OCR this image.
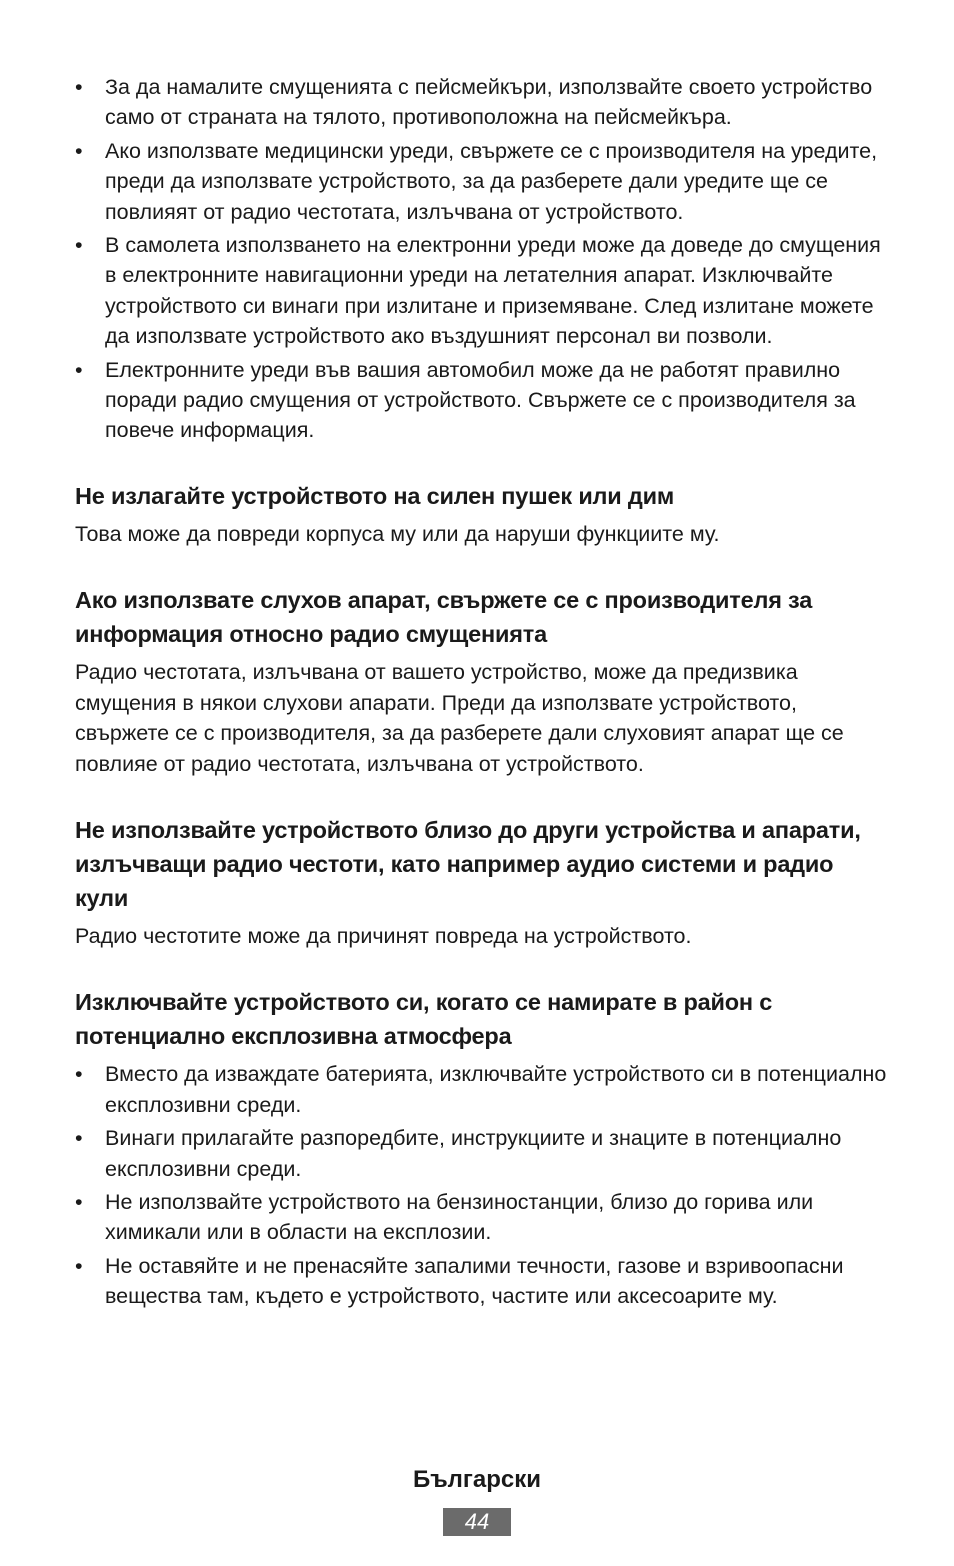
•	За да намалите смущенията с пейсмейкъри, използвайте своето устройство само от страната на тялото, противоположна на пейсмейкъра.
•	Ако използвате медицински уреди, свържете се с производителя на уредите, преди да използвате устройството, за да разберете дали уредите ще се повлияят от радио честотата, излъчвана от устройството.
•	В самолета използването на електронни уреди може да доведе до смущения в електронните навигационни уреди на летателния апарат. Изключвайте устройството си винаги при излитане и приземяване. След излитане можете да използвате устройството ако въздушният персонал ви позволи.
•	Електронните уреди във вашия автомобил може да не работят правилно поради радио смущения от устройството. Свържете се с производителя за повече информация.
Не излагайте устройството на силен пушек или дим

Това може да повреди корпуса му или да наруши функциите му.

Ако използвате слухов апарат, свържете се с производителя за информация относно радио смущенията

Радио честотата, излъчвана от вашето устройство, може да предизвика смущения в някои слухови апарати. Преди да използвате устройството, свържете се с производителя, за да разберете дали слуховият апарат ще се повлияе от радио честотата, излъчвана от устройството.

Не използвайте устройството близо до други устройства и апарати, излъчващи радио честоти, като например аудио системи и радио кули

Радио честотите може да причинят повреда на устройството.

Изключвайте устройството си, когато се намирате в район с потенциално експлозивна атмосфера
•	Вместо да изваждате батерията, изключвайте устройството си в потенциално експлозивни среди.
•	Винаги прилагайте разпоредбите, инструкциите и знаците в потенциално експлозивни среди.
•	Не използвайте устройството на бензиностанции, близо до горива или химикали или в области на експлозии.
•	Не оставяйте и не пренасяйте запалими течности, газове и взривоопасни вещества там, където е устройството, частите или аксесоарите му.
Български
44
